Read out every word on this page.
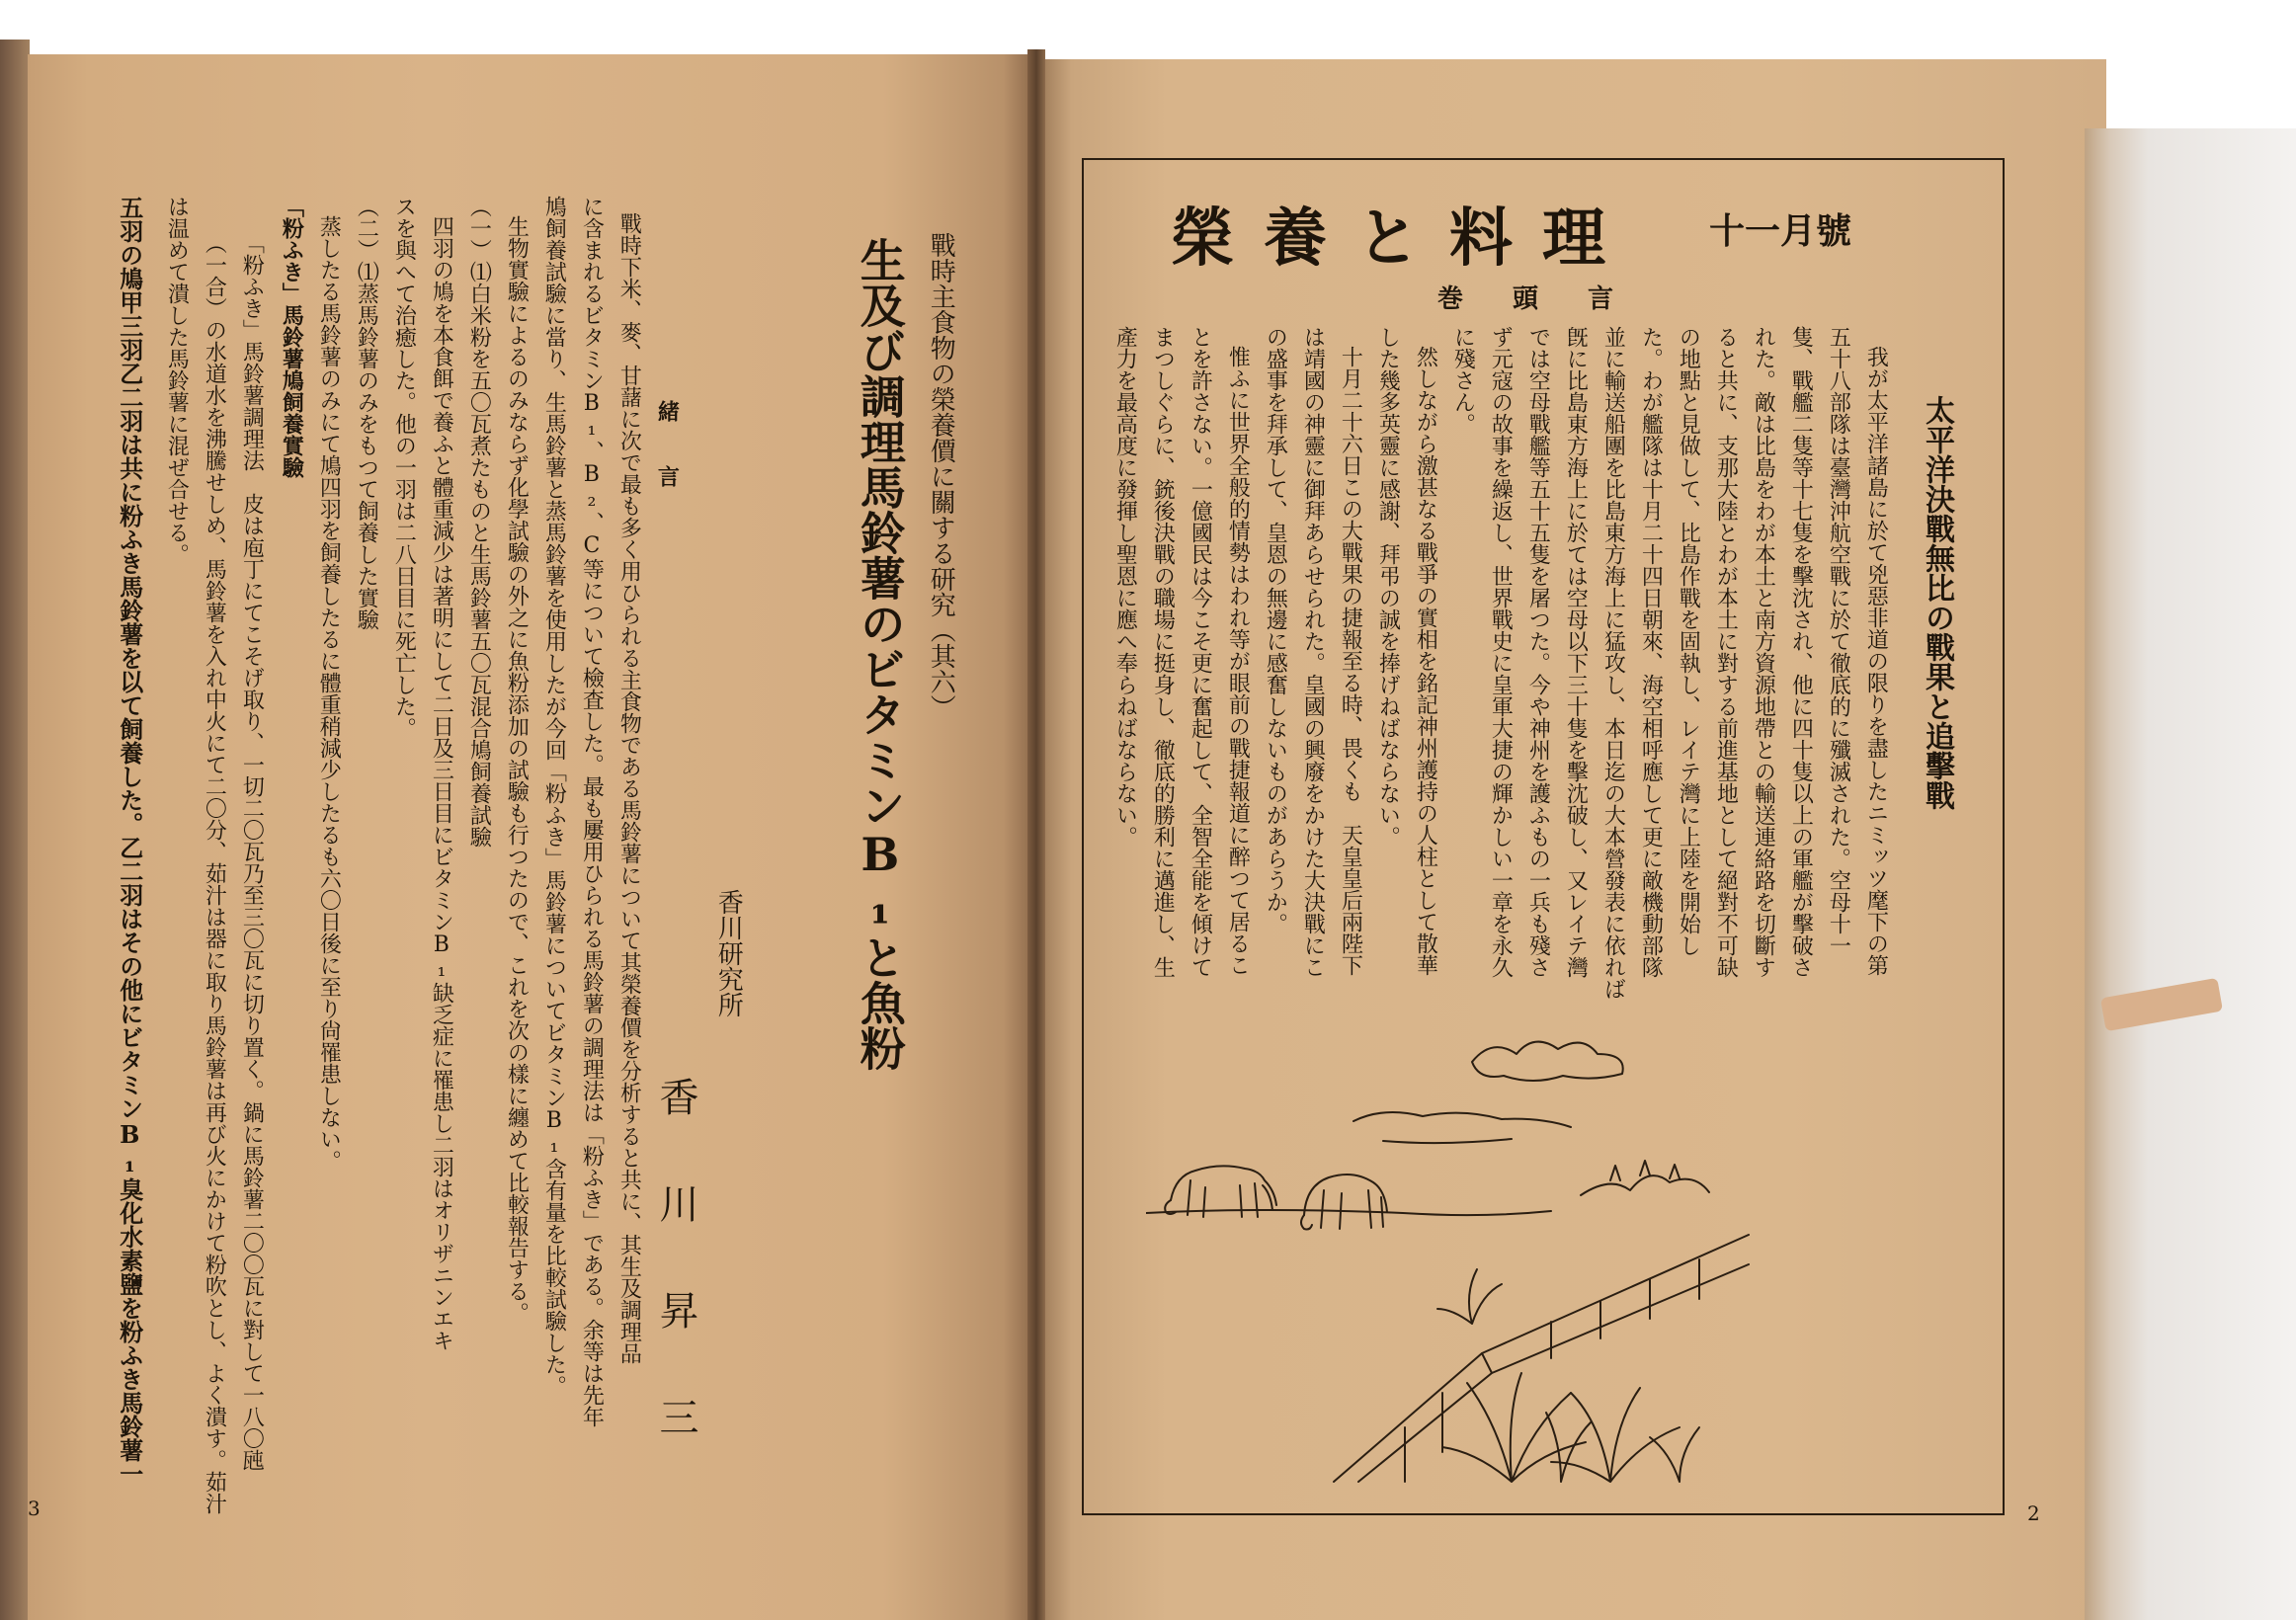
戰時主食物の榮養價に關する研究（其六）
生及び調理馬鈴薯のビタミンB₁と魚粉
香川研究所
香　川　昇　三
緒　　言
戰時下米、麥、甘藷に次で最も多く用ひられる主食物である馬鈴薯について其榮養價を分析すると共に、其生及調理品
に含まれるビタミンB₁、B₂、C等について檢査した。最も屢用ひられる馬鈴薯の調理法は「粉ふき」である。余等は先年
鳩飼養試驗に當り、生馬鈴薯と蒸馬鈴薯を使用したが今回「粉ふき」馬鈴薯についてビタミンB₁含有量を比較試驗した。
生物實驗によるのみならず化學試驗の外之に魚粉添加の試驗も行つたので、これを次の樣に纏めて比較報告する。
（一）⑴白米粉を五〇瓦煮たものと生馬鈴薯五〇瓦混合鳩飼養試驗
四羽の鳩を本食餌で養ふと體重減少は著明にして二日及三日目にビタミンB₁缺乏症に罹患し二羽はオリザニンエキ
スを與へて治癒した。他の一羽は二八日目に死亡した。
（二）⑴蒸馬鈴薯のみをもつて飼養した實驗
蒸したる馬鈴薯のみにて鳩四羽を飼養したるに體重稍減少したるも六〇日後に至り尙罹患しない。
「粉ふき」馬鈴薯鳩飼養實驗
「粉ふき」馬鈴薯調理法　皮は庖丁にてこそげ取り、一切二〇瓦乃至三〇瓦に切り置く。鍋に馬鈴薯二〇〇瓦に對して一八〇瓲
（一合）の水道水を沸騰せしめ、馬鈴薯を入れ中火にて二〇分、茹汁は器に取り馬鈴薯は再び火にかけて粉吹とし、よく潰す。茹汁
は温めて潰した馬鈴薯に混ぜ合せる。
五羽の鳩甲三羽乙二羽は共に粉ふき馬鈴薯を以て飼養した。乙二羽はその他にビタミンB₁臭化水素鹽を粉ふき馬鈴薯一
3
榮養と料理 十一月號
巻頭言
太平洋決戰無比の戰果と追擊戰
我が太平洋諸島に於て兇惡非道の限りを盡したニミッツ麾下の第
五十八部隊は臺灣沖航空戰に於て徹底的に殲滅された。空母十一
隻、戰艦二隻等十七隻を擊沈され、他に四十隻以上の軍艦が擊破さ
れた。敵は比島をわが本土と南方資源地帶との輸送連絡路を切斷す
ると共に、支那大陸とわが本土に對する前進基地として絕對不可缺
の地點と見做して、比島作戰を固執し、レイテ灣に上陸を開始し
た。わが艦隊は十月二十四日朝來、海空相呼應して更に敵機動部隊
並に輸送船團を比島東方海上に猛攻し、本日迄の大本營發表に依れば
旣に比島東方海上に於ては空母以下三十隻を擊沈破し、又レイテ灣
では空母戰艦等五十五隻を屠つた。今や神州を護ふもの一兵も殘さ
ず元寇の故事を繰返し、世界戰史に皇軍大捷の輝かしい一章を永久
に殘さん。
然しながら激甚なる戰爭の實相を銘記神州護持の人柱として散華
した幾多英靈に感謝、拜弔の誠を捧げねばならない。
十月二十六日この大戰果の捷報至る時、畏くも　天皇皇后兩陛下
は靖國の神靈に御拜あらせられた。皇國の興廢をかけた大決戰にこ
の盛事を拜承して、皇恩の無邊に感奮しないものがあらうか。
惟ふに世界全般的情勢はわれ等が眼前の戰捷報道に醉つて居るこ
とを許さない。一億國民は今こそ更に奮起して、全智全能を傾けて
まつしぐらに、銃後決戰の職場に挺身し、徹底的勝利に邁進し、生
產力を最高度に發揮し聖恩に應へ奉らねばならない。
2
